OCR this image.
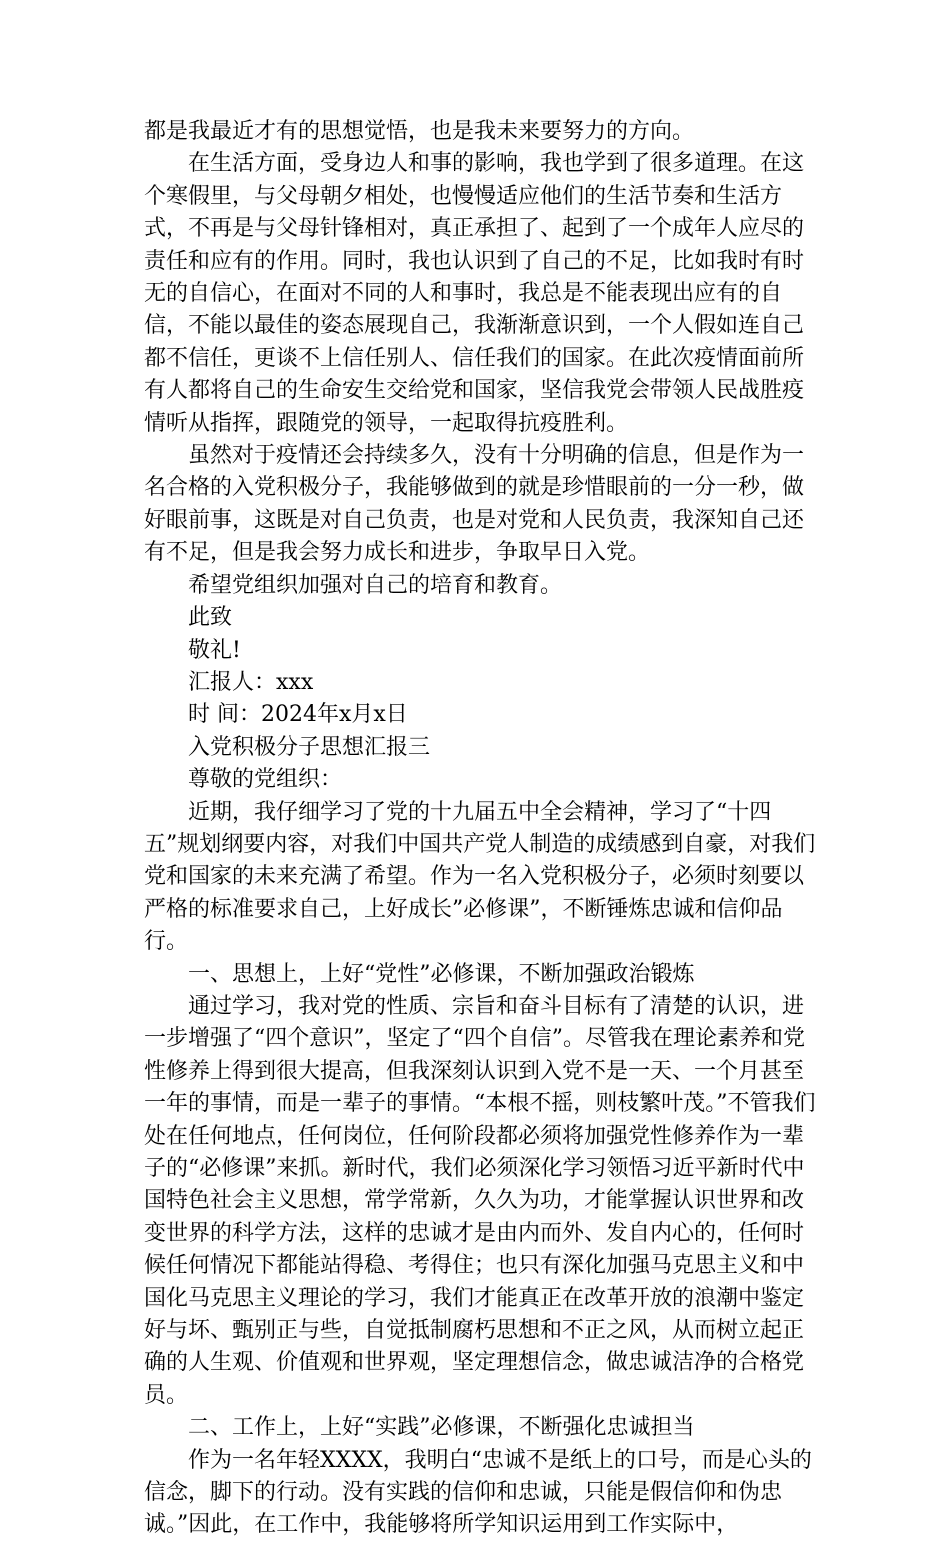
都是我最近才有的思想觉悟，也是我未来要努力的方向。

在生活方面，受身边人和事的影响，我也学到了很多道理。在这个寒假里，与父母朝夕相处，也慢慢适应他们的生活节奏和生活方式，不再是与父母针锋相对，真正承担了、起到了一个成年人应尽的责任和应有的作用。同时，我也认识到了自己的不足，比如我时有时无的自信心，在面对不同的人和事时，我总是不能表现出应有的自信，不能以最佳的姿态展现自己，我渐渐意识到，一个人假如连自己都不信任，更谈不上信任别人、信任我们的国家。在此次疫情面前所有人都将自己的生命安生交给党和国家，坚信我党会带领人民战胜疫情听从指挥，跟随党的领导，一起取得抗疫胜利。

虽然对于疫情还会持续多久，没有十分明确的信息，但是作为一名合格的入党积极分子，我能够做到的就是珍惜眼前的一分一秒，做好眼前事，这既是对自己负责，也是对党和人民负责，我深知自己还有不足，但是我会努力成长和进步，争取早日入党。

希望党组织加强对自己的培育和教育。

此致

敬礼!

汇报人：xxx

时 间：2024年x月x日

入党积极分子思想汇报三

尊敬的党组织：

近期，我仔细学习了党的十九届五中全会精神，学习了“十四五”规划纲要内容，对我们中国共产党人制造的成绩感到自豪，对我们党和国家的未来充满了希望。作为一名入党积极分子，必须时刻要以严格的标准要求自己，上好成长”必修课”，不断锤炼忠诚和信仰品行。

一、思想上，上好“党性”必修课，不断加强政治锻炼

通过学习，我对党的性质、宗旨和奋斗目标有了清楚的认识，进一步增强了“四个意识”，坚定了“四个自信”。尽管我在理论素养和党性修养上得到很大提高，但我深刻认识到入党不是一天、一个月甚至一年的事情，而是一辈子的事情。“本根不摇，则枝繁叶茂。”不管我们处在任何地点，任何岗位，任何阶段都必须将加强党性修养作为一辈子的“必修课”来抓。新时代，我们必须深化学习领悟习近平新时代中国特色社会主义思想，常学常新，久久为功，才能掌握认识世界和改变世界的科学方法，这样的忠诚才是由内而外、发自内心的，任何时候任何情况下都能站得稳、考得住；也只有深化加强马克思主义和中国化马克思主义理论的学习，我们才能真正在改革开放的浪潮中鉴定好与坏、甄别正与些，自觉抵制腐朽思想和不正之风，从而树立起正确的人生观、价值观和世界观，坚定理想信念，做忠诚洁净的合格党员。

二、工作上，上好“实践”必修课，不断强化忠诚担当

作为一名年轻XXXX，我明白“忠诚不是纸上的口号，而是心头的信念，脚下的行动。没有实践的信仰和忠诚，只能是假信仰和伪忠诚。”因此，在工作中，我能够将所学知识运用到工作实际中，
